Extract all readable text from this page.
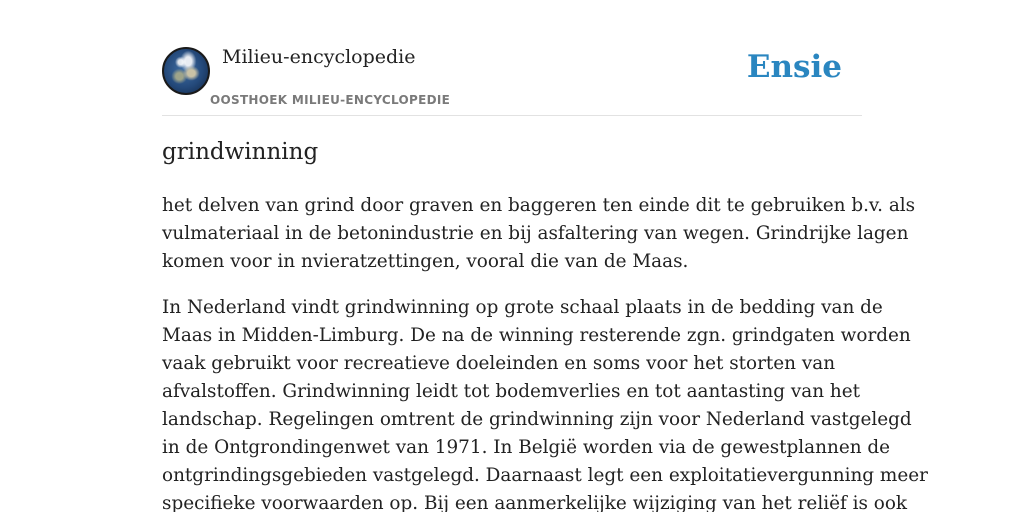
Milieu-encyclopedie
OOSTHOEK MILIEU-ENCYCLOPEDIE
Ensie
grindwinning

het delven van grind door graven en baggeren ten einde dit te gebruiken b.v. als
vulmateriaal in de betonindustrie en bij asfaltering van wegen. Grindrijke lagen
komen voor in nvieratzettingen, vooral die van de Maas.

In Nederland vindt grindwinning op grote schaal plaats in de bedding van de
Maas in Midden-Limburg. De na de winning resterende zgn. grindgaten worden
vaak gebruikt voor recreatieve doeleinden en soms voor het storten van
afvalstoffen. Grindwinning leidt tot bodemverlies en tot aantasting van het
landschap. Regelingen omtrent de grindwinning zijn voor Nederland vastgelegd
in de Ontgrondingenwet van 1971. In België worden via de gewestplannen de
ontgrindingsgebieden vastgelegd. Daarnaast legt een exploitatievergunning meer
specifieke voorwaarden op. Bij een aanmerkelijke wijziging van het reliëf is ook
